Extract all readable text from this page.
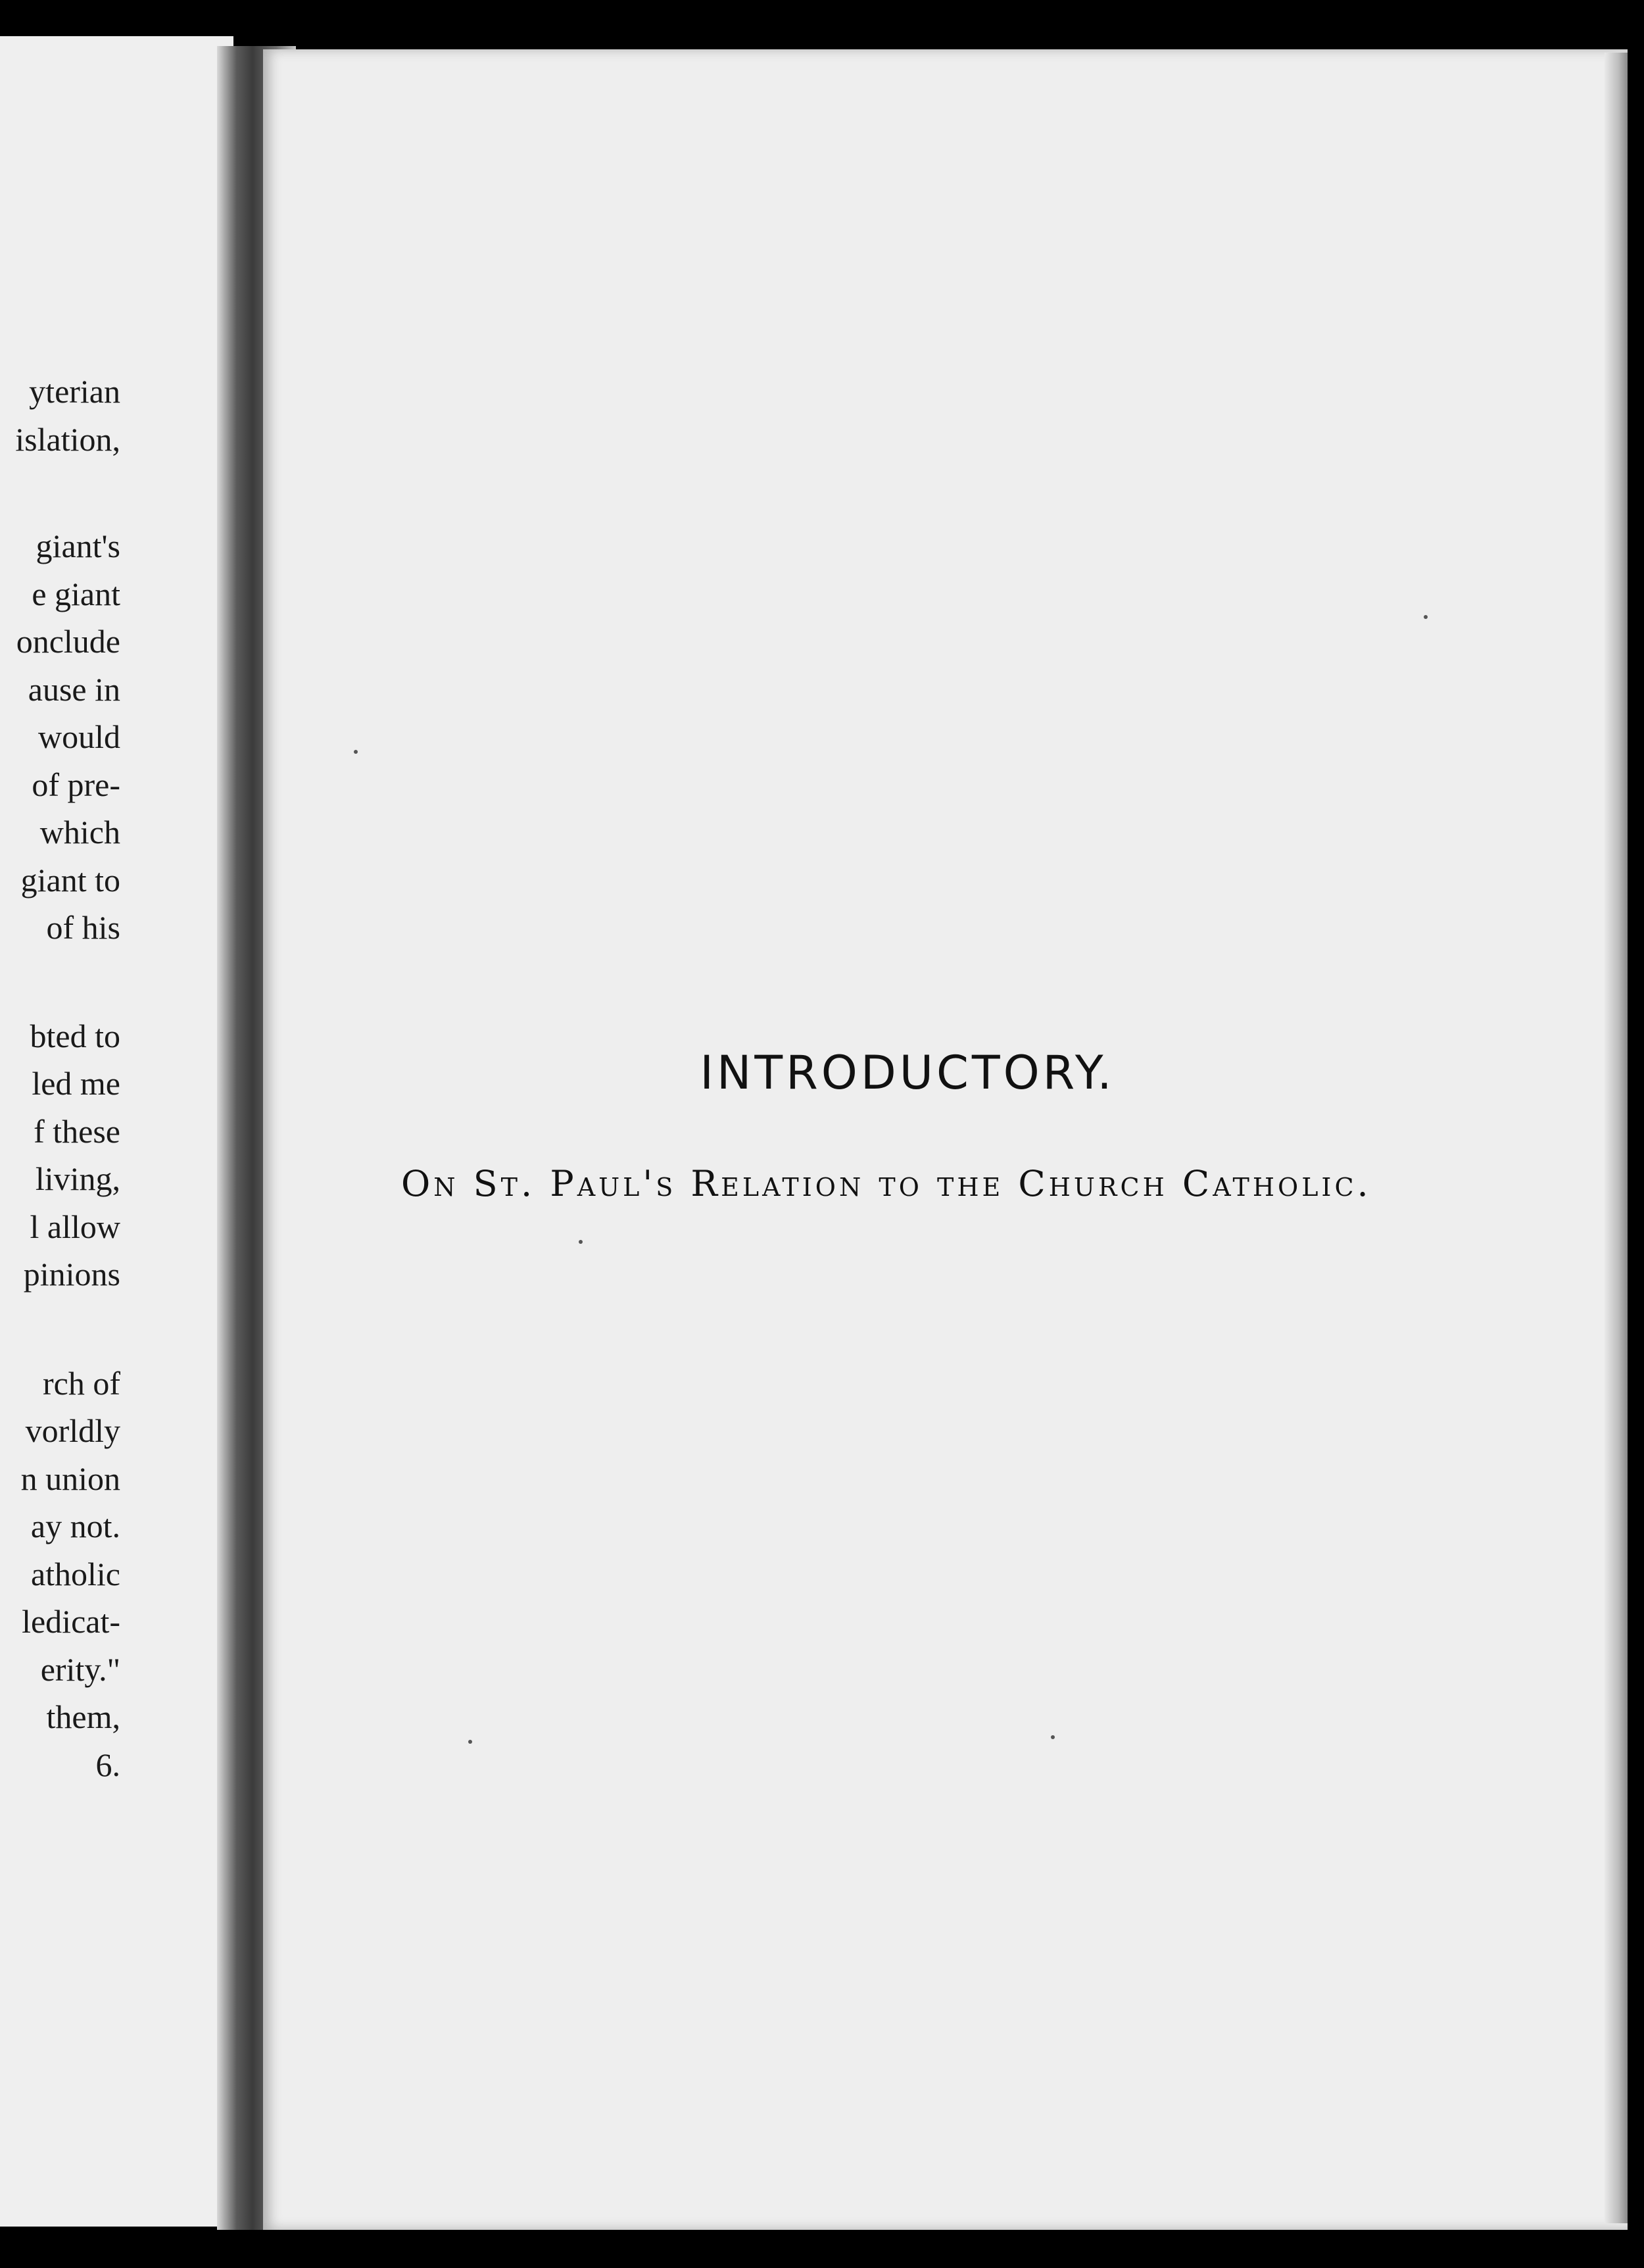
yterian
islation,
giant's
e giant
onclude
ause in
would
of pre-
which
giant to
of his
bted to
led me
f these
living,
l allow
pinions
rch of
vorldly
n union
ay not.
atholic
ledicat-
erity."
them,
6.
INTRODUCTORY.
On St. Paul's Relation to the Church Catholic.
